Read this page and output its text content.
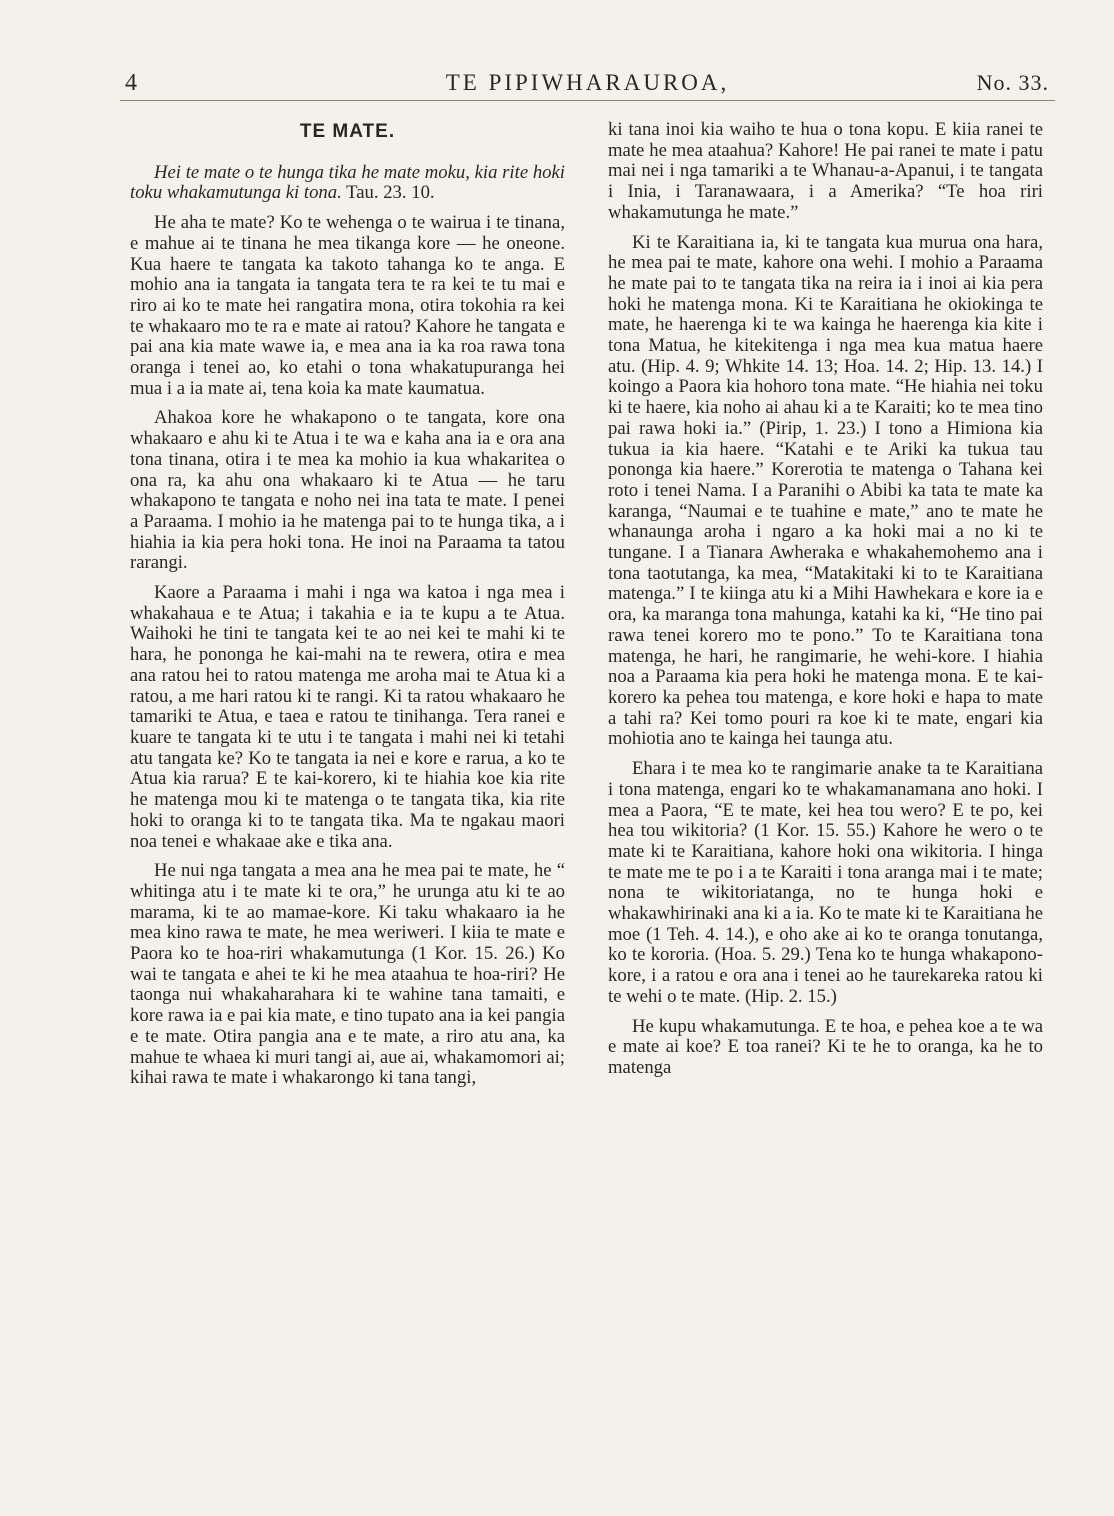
4	TE PIPIWHARAUROA,	No. 33.
TE MATE.

Hei te mate o te hunga tika he mate moku, kia rite hoki toku whakamutunga ki tona. Tau. 23. 10.

He aha te mate? Ko te wehenga o te wairua i te tinana, e mahue ai te tinana he mea tikanga kore — he oneone. Kua haere te tangata ka takoto tahanga ko te anga. E mohio ana ia tangata ia tangata tera te ra kei te tu mai e riro ai ko te mate hei rangatira mona, otira tokohia ra kei te whakaaro mo te ra e mate ai ratou? Kahore he tangata e pai ana kia mate wawe ia, e mea ana ia ka roa rawa tona oranga i tenei ao, ko etahi o tona whakatupuranga hei mua i a ia mate ai, tena koia ka mate kaumatua.

Ahakoa kore he whakapono o te tangata, kore ona whakaaro e ahu ki te Atua i te wa e kaha ana ia e ora ana tona tinana, otira i te mea ka mohio ia kua whakaritea o ona ra, ka ahu ona whakaaro ki te Atua — he taru whakapono te tangata e noho nei ina tata te mate. I penei a Paraama. I mohio ia he matenga pai to te hunga tika, a i hiahia ia kia pera hoki tona. He inoi na Paraama ta tatou rarangi.

Kaore a Paraama i mahi i nga wa katoa i nga mea i whakahaua e te Atua; i takahia e ia te kupu a te Atua. Waihoki he tini te tangata kei te ao nei kei te mahi ki te hara, he pononga he kai-mahi na te rewera, otira e mea ana ratou hei to ratou matenga me aroha mai te Atua ki a ratou, a me hari ratou ki te rangi. Ki ta ratou whakaaro he tamariki te Atua, e taea e ratou te tinihanga. Tera ranei e kuare te tangata ki te utu i te tangata i mahi nei ki tetahi atu tangata ke? Ko te tangata ia nei e kore e rarua, a ko te Atua kia rarua? E te kai-korero, ki te hiahia koe kia rite he matenga mou ki te matenga o te tangata tika, kia rite hoki to oranga ki to te tangata tika. Ma te ngakau maori noa tenei e whakaae ake e tika ana.

He nui nga tangata a mea ana he mea pai te mate, he “ whitinga atu i te mate ki te ora,” he urunga atu ki te ao marama, ki te ao mamae-kore. Ki taku whakaaro ia he mea kino rawa te mate, he mea weriweri. I kiia te mate e Paora ko te hoa-riri whakamutunga (1 Kor. 15. 26.) Ko wai te tangata e ahei te ki he mea ataahua te hoa-riri? He taonga nui whakaharahara ki te wahine tana tamaiti, e kore rawa ia e pai kia mate, e tino tupato ana ia kei pangia e te mate. Otira pangia ana e te mate, a riro atu ana, ka mahue te whaea ki muri tangi ai, aue ai, whakamomori ai; kihai rawa te mate i whakarongo ki tana tangi,

ki tana inoi kia waiho te hua o tona kopu. E kiia ranei te mate he mea ataahua? Kahore! He pai ranei te mate i patu mai nei i nga tamariki a te Whanau-a-Apanui, i te tangata i Inia, i Taranawaara, i a Amerika? “Te hoa riri whakamutunga he mate.”

Ki te Karaitiana ia, ki te tangata kua murua ona hara, he mea pai te mate, kahore ona wehi. I mohio a Paraama he mate pai to te tangata tika na reira ia i inoi ai kia pera hoki he matenga mona. Ki te Karaitiana he okiokinga te mate, he haerenga ki te wa kainga he haerenga kia kite i tona Matua, he kitekitenga i nga mea kua matua haere atu. (Hip. 4. 9; Whkite 14. 13; Hoa. 14. 2; Hip. 13. 14.) I koingo a Paora kia hohoro tona mate. “He hiahia nei toku ki te haere, kia noho ai ahau ki a te Karaiti; ko te mea tino pai rawa hoki ia.” (Pirip, 1. 23.) I tono a Himiona kia tukua ia kia haere. “Katahi e te Ariki ka tukua tau pononga kia haere.” Korerotia te matenga o Tahana kei roto i tenei Nama. I a Paranihi o Abibi ka tata te mate ka karanga, “Naumai e te tuahine e mate,” ano te mate he whanaunga aroha i ngaro a ka hoki mai a no ki te tungane. I a Tianara Awheraka e whakahemohemo ana i tona taotutanga, ka mea, “Matakitaki ki to te Karaitiana matenga.” I te kiinga atu ki a Mihi Hawhekara e kore ia e ora, ka maranga tona mahunga, katahi ka ki, “He tino pai rawa tenei korero mo te pono.” To te Karaitiana tona matenga, he hari, he rangimarie, he wehi-kore. I hiahia noa a Paraama kia pera hoki he matenga mona. E te kai-korero ka pehea tou matenga, e kore hoki e hapa to mate a tahi ra? Kei tomo pouri ra koe ki te mate, engari kia mohiotia ano te kainga hei taunga atu.

Ehara i te mea ko te rangimarie anake ta te Karaitiana i tona matenga, engari ko te whakamanamana ano hoki. I mea a Paora, “E te mate, kei hea tou wero? E te po, kei hea tou wikitoria? (1 Kor. 15. 55.) Kahore he wero o te mate ki te Karaitiana, kahore hoki ona wikitoria. I hinga te mate me te po i a te Karaiti i tona aranga mai i te mate; nona te wikitoriatanga, no te hunga hoki e whakawhirinaki ana ki a ia. Ko te mate ki te Karaitiana he moe (1 Teh. 4. 14.), e oho ake ai ko te oranga tonutanga, ko te kororia. (Hoa. 5. 29.) Tena ko te hunga whakapono-kore, i a ratou e ora ana i tenei ao he taurekareka ratou ki te wehi o te mate. (Hip. 2. 15.)

He kupu whakamutunga. E te hoa, e pehea koe a te wa e mate ai koe? E toa ranei? Ki te he to oranga, ka he to matenga
